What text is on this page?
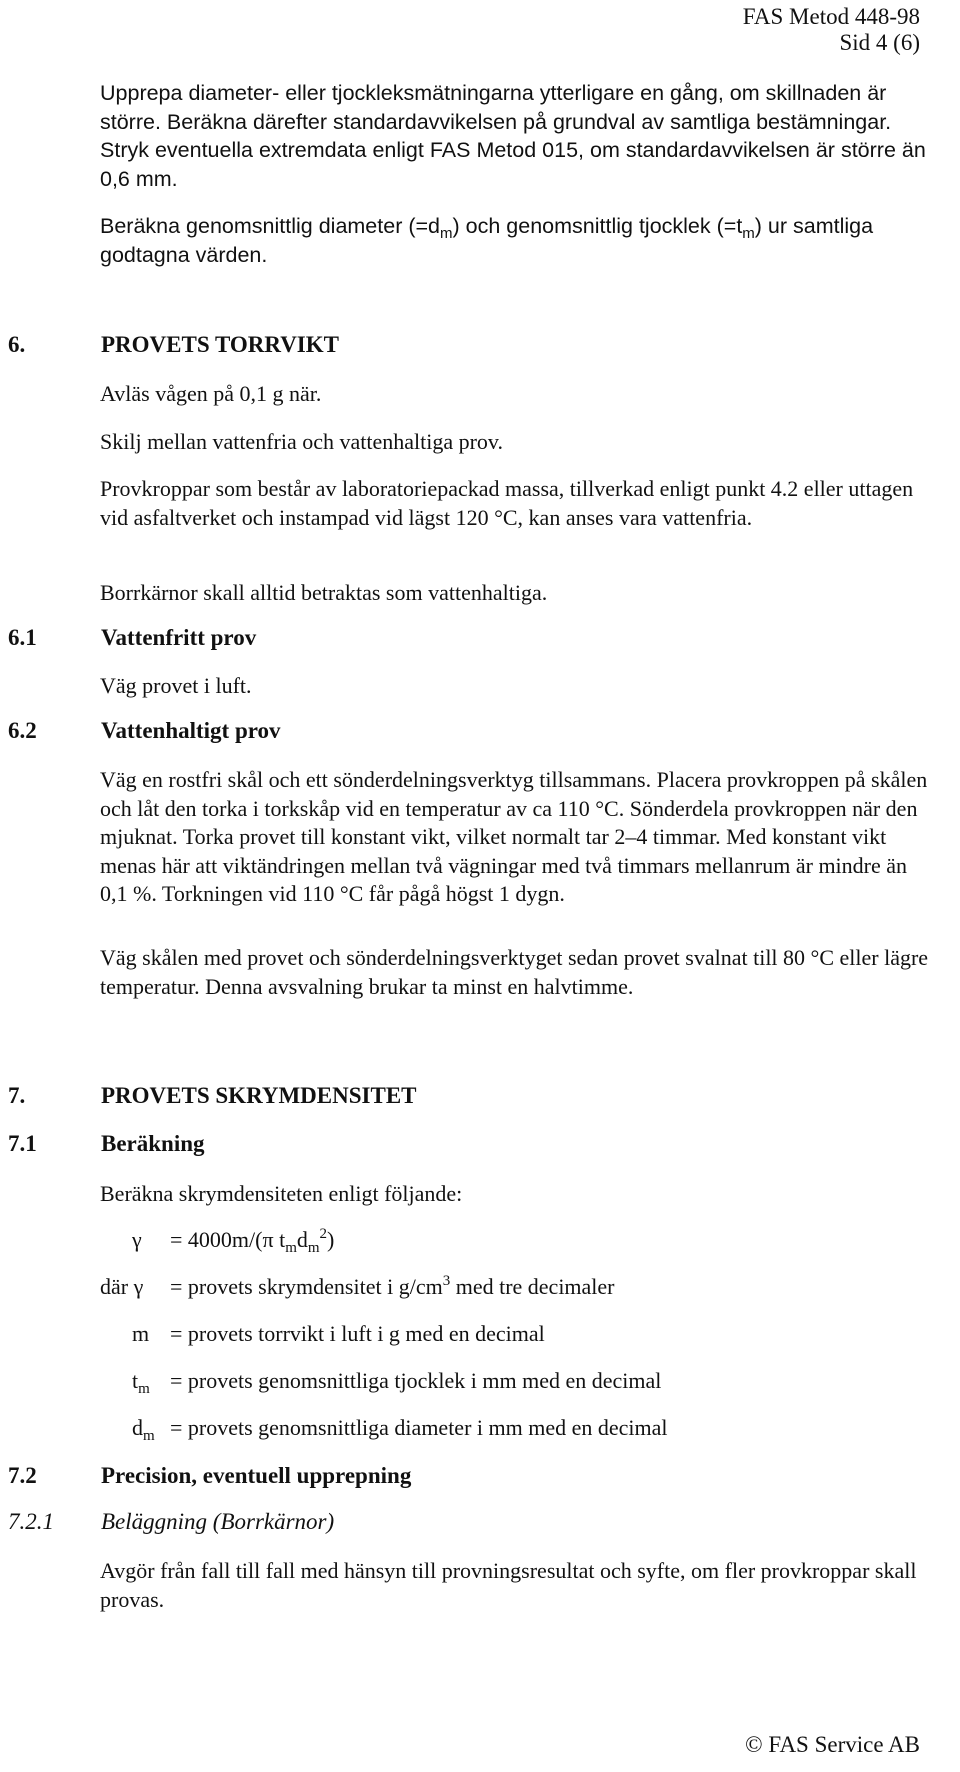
FAS Metod 448-98
Sid 4 (6)

Upprepa diameter- eller tjockleksmätningarna ytterligare en gång, om skillnaden är större. Beräkna därefter standardavvikelsen på grundval av samtliga bestämningar. Stryk eventuella extremdata enligt FAS Metod 015, om standardavvikelsen är större än 0,6 mm.

Beräkna genomsnittlig diameter $(=d_m)$ och genomsnittlig tjocklek $(=t_m)$ ur samtliga godtagna värden.

6.	PROVETS TORRVIKT

Avläs vågen på 0,1 g när.

Skilj mellan vattenfria och vattenhaltiga prov.

Provkroppar som består av laboratoriepackad massa, tillverkad enligt punkt 4.2 eller uttagen vid asfaltverket och instampad vid lägst 120 °C, kan anses vara vattenfria.

Borrkärnor skall alltid betraktas som vattenhaltiga.

6.1	Vattenfritt prov

Väg provet i luft.

6.2	Vattenhaltigt prov

Väg en rostfri skål och ett sönderdelningsverktyg tillsammans. Placera provkroppen på skålen och låt den torka i torkskåp vid en temperatur av ca 110 °C. Sönderdela provkroppen när den mjuknat. Torka provet till konstant vikt, vilket normalt tar 2–4 timmar. Med konstant vikt menas här att viktändringen mellan två vägningar med två timmars mellanrum är mindre än 0,1 %. Torkningen vid 110 °C får pågå högst 1 dygn.

Väg skålen med provet och sönderdelningsverktyget sedan provet svalnat till 80 °C eller lägre temperatur. Denna avsvalning brukar ta minst en halvtimme.

7.	PROVETS SKRYMDENSITET
7.1	Beräkning

Beräkna skrymdensiteten enligt följande:

γ = 4000m/(π $t_md_m^2$)
där γ = provets skrymdensitet i $g/cm^3$ med tre decimaler
m = provets torrvikt i luft i g med en decimal
$t_m$ = provets genomsnittliga tjocklek i mm med en decimal
$d_m$ = provets genomsnittliga diameter i mm med en decimal
7.2	Precision, eventuell upprepning
7.2.1 Beläggning (Borrkärnor)

Avgör från fall till fall med hänsyn till provningsresultat och syfte, om fler provkroppar skall provas.

© FAS Service AB
